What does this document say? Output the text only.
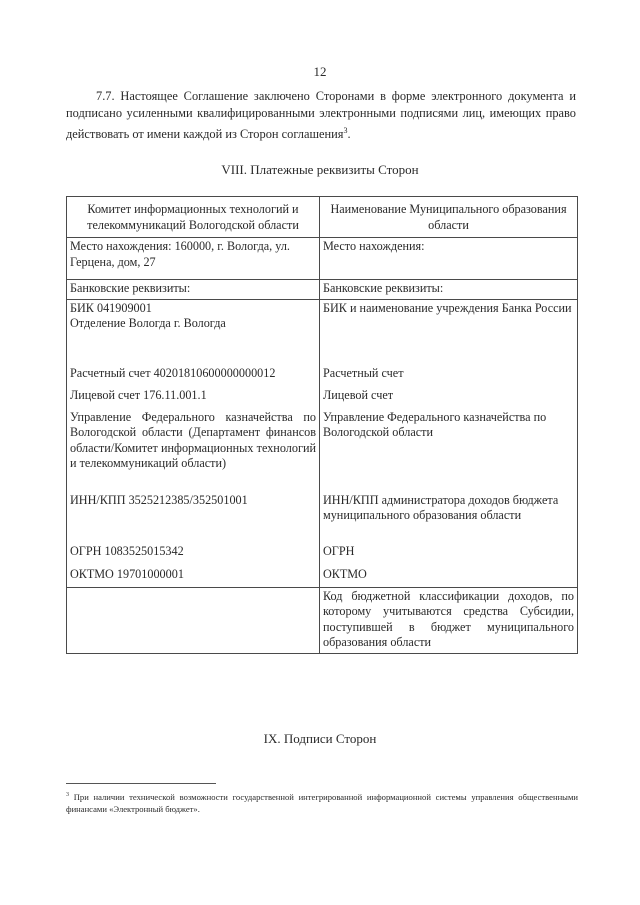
12

7.7. Настоящее Соглашение заключено Сторонами в форме электронного документа и подписано усиленными квалифицированными электронными подписями лиц, имеющих право действовать от имени каждой из Сторон соглашения$^3$.

VIII. Платежные реквизиты Сторон
Комитет информационных технологий и телекоммуникаций Вологодской области	Наименование Муниципального образования области
Место нахождения: 160000, г. Вологда, ул. Герцена, дом, 27	Место нахождения:
Банковские реквизиты:	Банковские реквизиты:

БИК 041909001
Отделение Вологда г. Вологда	БИК и наименование учреждения Банка России
Расчетный счет 40201810600000000012	Расчетный счет
Лицевой счет 176.11.001.1	Лицевой счет
Управление Федерального казначейства по Вологодской области (Департамент финансов области/Комитет информационных технологий и телекоммуникаций области)	Управление Федерального казначейства по Вологодской области
ИНН/КПП 3525212385/352501001	ИНН/КПП администратора доходов бюджета муниципального образования области
ОГРН 1083525015342	ОГРН
ОКТМО 19701000001	ОКТМО
	Код бюджетной классификации доходов, по которому учитываются средства Субсидии, поступившей в бюджет муниципального образования области
IX. Подписи Сторон
$^3$ При наличии технической возможности государственной интегрированной информационной системы управления общественными финансами «Электронный бюджет».
